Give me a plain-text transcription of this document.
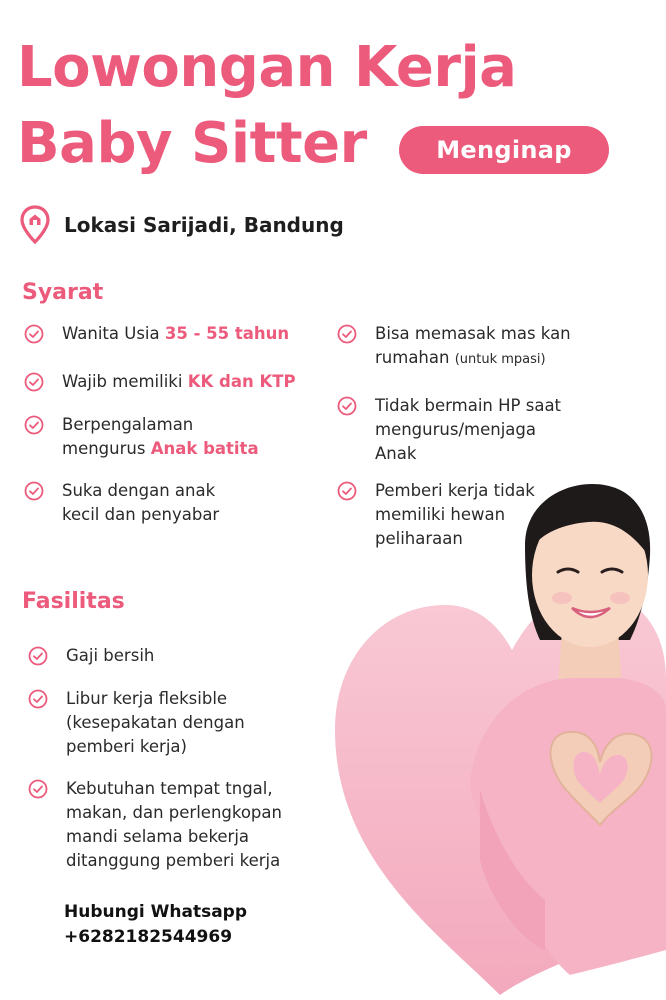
Lowongan Kerja
Baby Sitter	Menginap
Lokasi Sarijadi, Bandung
Syarat
Wanita Usia 35 - 55 tahun
Wajib memiliki KK dan KTP
Berpengalaman
mengurus Anak batita
Suka dengan anak
kecil dan penyabar
Bisa memasak mas kan
rumahan (untuk mpasi)
Tidak bermain HP saat
mengurus/menjaga
Anak
Pemberi kerja tidak
memiliki hewan
peliharaan
Fasilitas
Gaji bersih
Libur kerja fleksible
(kesepakatan dengan
pemberi kerja)
Kebutuhan tempat tngal,
makan, dan perlengkopan
mandi selama bekerja
ditanggung pemberi kerja
Hubungi Whatsapp
+6282182544969
